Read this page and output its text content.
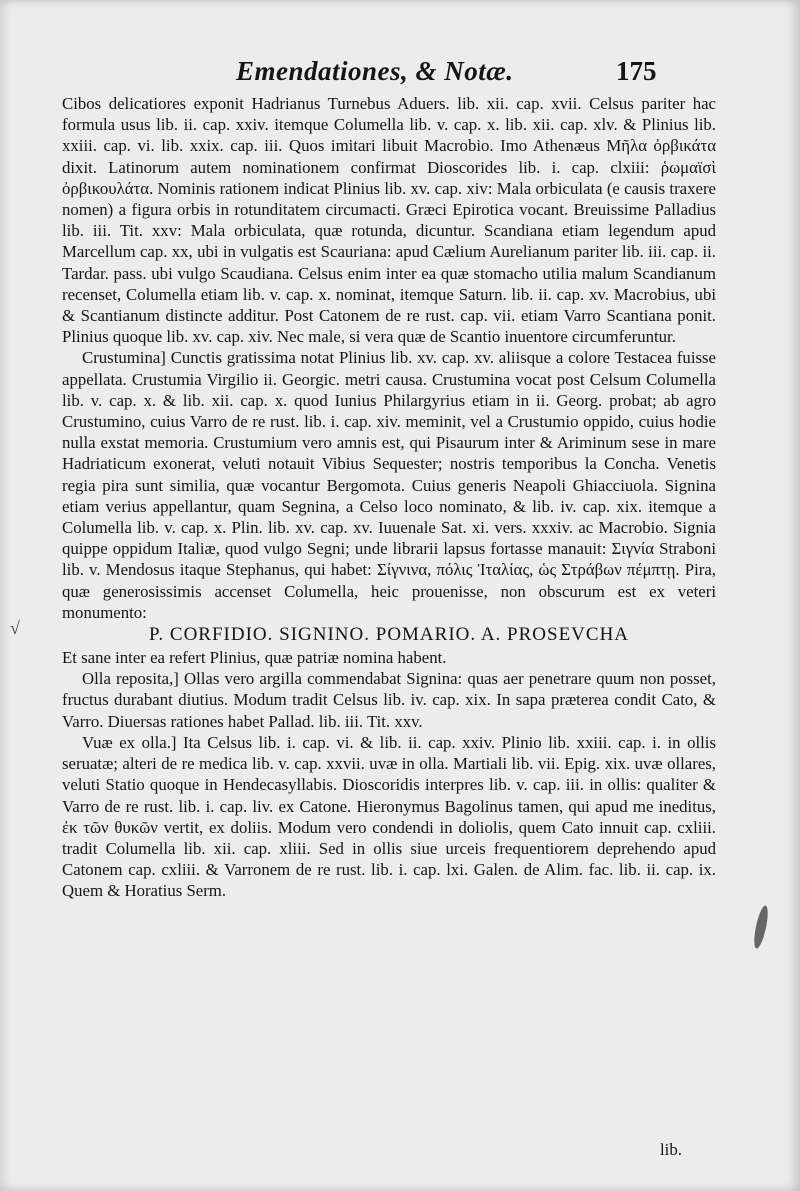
Emendationes, & Notæ.	175
√

Cibos delicatiores exponit Hadrianus Turnebus Aduers. lib. xii. cap. xvii. Celsus pariter hac formula usus lib. ii. cap. xxiv. itemque Columella lib. v. cap. x. lib. xii. cap. xlv. & Plinius lib. xxiii. cap. vi. lib. xxix. cap. iii. Quos imitari libuit Macrobio. Imo Athenæus Μῆλα ὀρβικάτα dixit. Latinorum autem nominationem confirmat Dioscorides lib. i. cap. clxiii: ῥωμαϊσὶ ὀρβικουλάτα. Nominis rationem indicat Plinius lib. xv. cap. xiv: Mala orbiculata (e causis traxere nomen) a figura orbis in rotunditatem circumacti. Græci Epirotica vocant. Breuissime Palladius lib. iii. Tit. xxv: Mala orbiculata, quæ rotunda, dicuntur. Scandiana etiam legendum apud Marcellum cap. xx, ubi in vulgatis est Scauriana: apud Cælium Aurelianum pariter lib. iii. cap. ii. Tardar. pass. ubi vulgo Scaudiana. Celsus enim inter ea quæ stomacho utilia malum Scandianum recenset, Columella etiam lib. v. cap. x. nominat, itemque Saturn. lib. ii. cap. xv. Macrobius, ubi & Scantianum distincte additur. Post Catonem de re rust. cap. vii. etiam Varro Scantiana ponit. Plinius quoque lib. xv. cap. xiv. Nec male, si vera quæ de Scantio inuentore circumferuntur.

Crustumina] Cunctis gratissima notat Plinius lib. xv. cap. xv. aliisque a colore Testacea fuisse appellata. Crustumia Virgilio ii. Georgic. metri causa. Crustumina vocat post Celsum Columella lib. v. cap. x. & lib. xii. cap. x. quod Iunius Philargyrius etiam in ii. Georg. probat; ab agro Crustumino, cuius Varro de re rust. lib. i. cap. xiv. meminit, vel a Crustumio oppido, cuius hodie nulla exstat memoria. Crustumium vero amnis est, qui Pisaurum inter & Ariminum sese in mare Hadriaticum exonerat, veluti notauit Vibius Sequester; nostris temporibus la Concha. Venetis regia pira sunt similia, quæ vocantur Bergomota. Cuius generis Neapoli Ghiacciuola. Signina etiam verius appellantur, quam Segnina, a Celso loco nominato, & lib. iv. cap. xix. itemque a Columella lib. v. cap. x. Plin. lib. xv. cap. xv. Iuuenale Sat. xi. vers. xxxiv. ac Macrobio. Signia quippe oppidum Italiæ, quod vulgo Segni; unde librarii lapsus fortasse manauit: Σιγνία Straboni lib. v. Mendosus itaque Stephanus, qui habet: Σίγνινα, πόλις Ἰταλίας, ὡς Στράβων πέμπτῃ. Pira, quæ generosissimis accenset Columella, heic prouenisse, non obscurum est ex veteri monumento:

P. CORFIDIO. SIGNINO. POMARIO. A. PROSEVCHA

Et sane inter ea refert Plinius, quæ patriæ nomina habent.

Olla reposita,] Ollas vero argilla commendabat Signina: quas aer penetrare quum non posset, fructus durabant diutius. Modum tradit Celsus lib. iv. cap. xix. In sapa præterea condit Cato, & Varro. Diuersas rationes habet Pallad. lib. iii. Tit. xxv.

Vuæ ex olla.] Ita Celsus lib. i. cap. vi. & lib. ii. cap. xxiv. Plinio lib. xxiii. cap. i. in ollis seruatæ; alteri de re medica lib. v. cap. xxvii. uvæ in olla. Martiali lib. vii. Epig. xix. uvæ ollares, veluti Statio quoque in Hendecasyllabis. Dioscoridis interpres lib. v. cap. iii. in ollis: qualiter & Varro de re rust. lib. i. cap. liv. ex Catone. Hieronymus Bagolinus tamen, qui apud me ineditus, ἐκ τῶν θυκῶν vertit, ex doliis. Modum vero condendi in doliolis, quem Cato innuit cap. cxliii. tradit Columella lib. xii. cap. xliii. Sed in ollis siue urceis frequentiorem deprehendo apud Catonem cap. cxliii. & Varronem de re rust. lib. i. cap. lxi. Galen. de Alim. fac. lib. ii. cap. ix. Quem & Horatius Serm.

lib.
